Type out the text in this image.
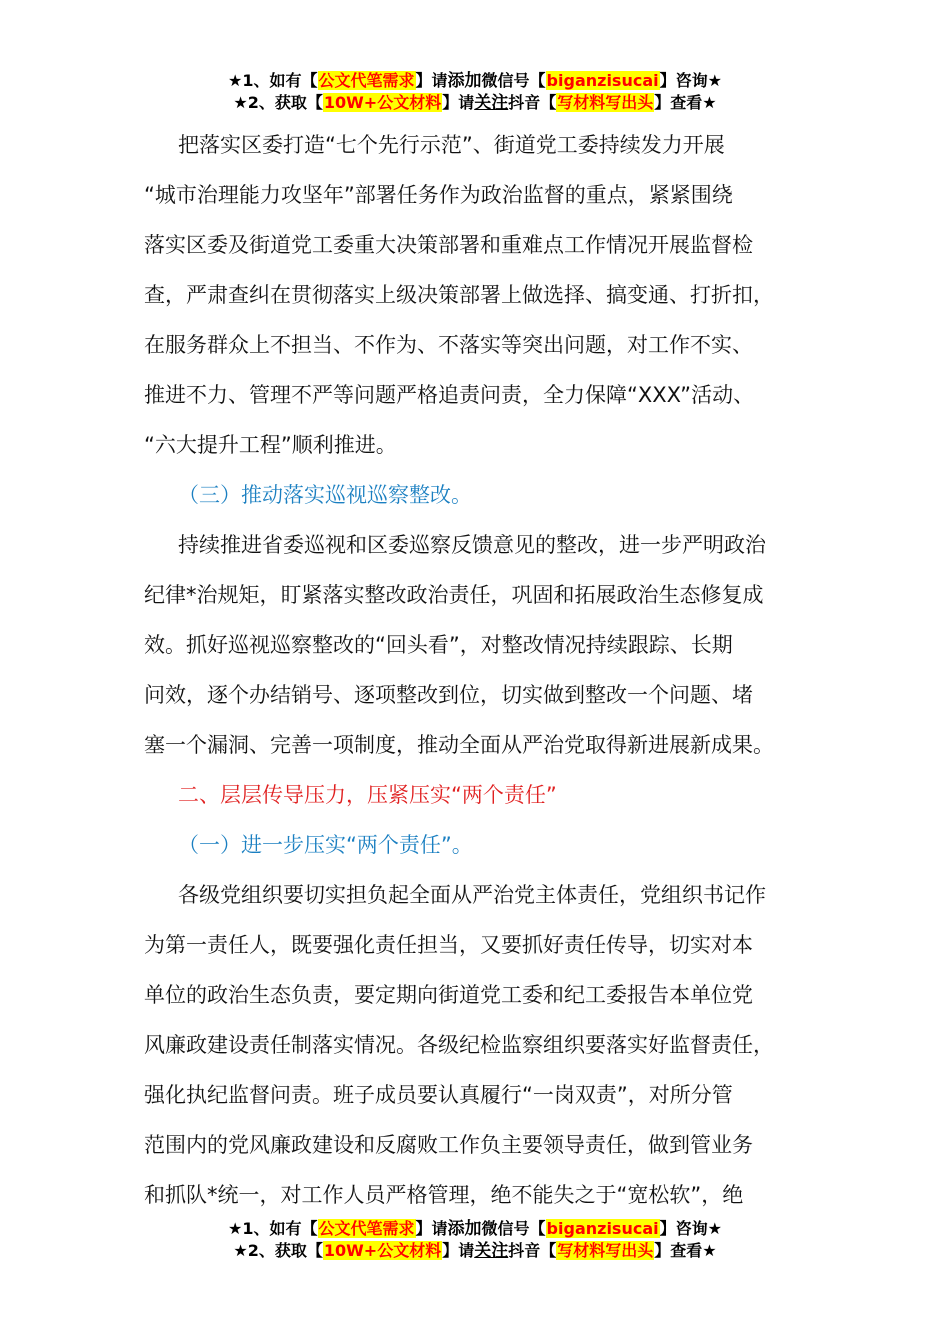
★1、如有【公文代笔需求】请添加微信号【biganzisucai】咨询★
★2、获取【10W+公文材料】请关注抖音【写材料写出头】查看★

把落实区委打造“七个先行示范”、街道党工委持续发力开展

“城市治理能力攻坚年”部署任务作为政治监督的重点，紧紧围绕

落实区委及街道党工委重大决策部署和重难点工作情况开展监督检

查，严肃查纠在贯彻落实上级决策部署上做选择、搞变通、打折扣，

在服务群众上不担当、不作为、不落实等突出问题，对工作不实、

推进不力、管理不严等问题严格追责问责，全力保障“XXX”活动、

“六大提升工程”顺利推进。

（三）推动落实巡视巡察整改。

持续推进省委巡视和区委巡察反馈意见的整改，进一步严明政治

纪律*治规矩，盯紧落实整改政治责任，巩固和拓展政治生态修复成

效。抓好巡视巡察整改的“回头看”，对整改情况持续跟踪、长期

问效，逐个办结销号、逐项整改到位，切实做到整改一个问题、堵

塞一个漏洞、完善一项制度，推动全面从严治党取得新进展新成果。

二、层层传导压力，压紧压实“两个责任”

（一）进一步压实“两个责任”。

各级党组织要切实担负起全面从严治党主体责任，党组织书记作

为第一责任人，既要强化责任担当，又要抓好责任传导，切实对本

单位的政治生态负责，要定期向街道党工委和纪工委报告本单位党

风廉政建设责任制落实情况。各级纪检监察组织要落实好监督责任，

强化执纪监督问责。班子成员要认真履行“一岗双责”，对所分管

范围内的党风廉政建设和反腐败工作负主要领导责任，做到管业务

和抓队*统一，对工作人员严格管理，绝不能失之于“宽松软”，绝

★1、如有【公文代笔需求】请添加微信号【biganzisucai】咨询★
★2、获取【10W+公文材料】请关注抖音【写材料写出头】查看★
